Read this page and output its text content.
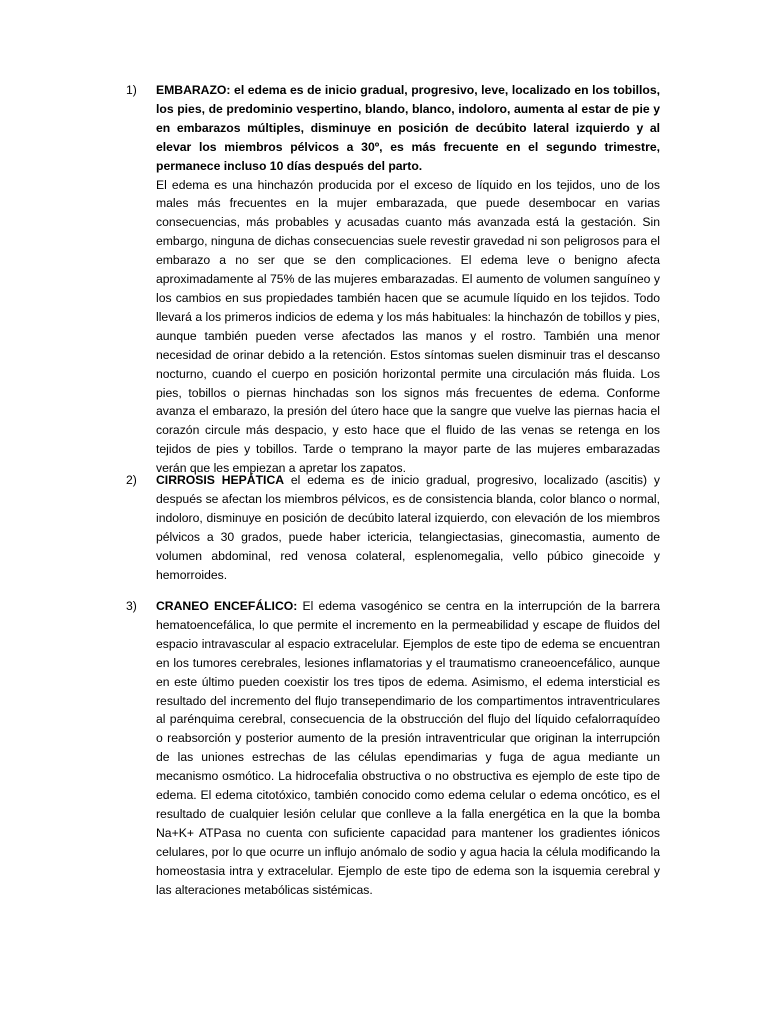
1)	EMBARAZO: el edema es de inicio gradual, progresivo, leve, localizado en los tobillos, los pies, de predominio vespertino, blando, blanco, indoloro, aumenta al estar de pie y en embarazos múltiples, disminuye en posición de decúbito lateral izquierdo y al elevar los miembros pélvicos a 30º, es más frecuente en el segundo trimestre, permanece incluso 10 días después del parto.

El edema es una hinchazón producida por el exceso de líquido en los tejidos, uno de los males más frecuentes en la mujer embarazada, que puede desembocar en varias consecuencias, más probables y acusadas cuanto más avanzada está la gestación. Sin embargo, ninguna de dichas consecuencias suele revestir gravedad ni son peligrosos para el embarazo a no ser que se den complicaciones. El edema leve o benigno afecta aproximadamente al 75% de las mujeres embarazadas. El aumento de volumen sanguíneo y los cambios en sus propiedades también hacen que se acumule líquido en los tejidos. Todo llevará a los primeros indicios de edema y los más habituales: la hinchazón de tobillos y pies, aunque también pueden verse afectados las manos y el rostro. También una menor necesidad de orinar debido a la retención. Estos síntomas suelen disminuir tras el descanso nocturno, cuando el cuerpo en posición horizontal permite una circulación más fluida. Los pies, tobillos o piernas hinchadas son los signos más frecuentes de edema. Conforme avanza el embarazo, la presión del útero hace que la sangre que vuelve las piernas hacia el corazón circule más despacio, y esto hace que el fluido de las venas se retenga en los tejidos de pies y tobillos. Tarde o temprano la mayor parte de las mujeres embarazadas verán que les empiezan a apretar los zapatos.

2)	CIRROSIS HEPÁTICA el edema es de inicio gradual, progresivo, localizado (ascitis) y después se afectan los miembros pélvicos, es de consistencia blanda, color blanco o normal, indoloro, disminuye en posición de decúbito lateral izquierdo, con elevación de los miembros pélvicos a 30 grados, puede haber ictericia, telangiectasias, ginecomastia, aumento de volumen abdominal, red venosa colateral, esplenomegalia, vello púbico ginecoide y hemorroides.

3)	CRANEO ENCEFÁLICO: El edema vasogénico se centra en la interrupción de la barrera hematoencefálica, lo que permite el incremento en la permeabilidad y escape de fluidos del espacio intravascular al espacio extracelular. Ejemplos de este tipo de edema se encuentran en los tumores cerebrales, lesiones inflamatorias y el traumatismo craneoencefálico, aunque en este último pueden coexistir los tres tipos de edema. Asimismo, el edema intersticial es resultado del incremento del flujo transependimario de los compartimentos intraventriculares al parénquima cerebral, consecuencia de la obstrucción del flujo del líquido cefalorraquídeo o reabsorción y posterior aumento de la presión intraventricular que originan la interrupción de las uniones estrechas de las células ependimarias y fuga de agua mediante un mecanismo osmótico. La hidrocefalia obstructiva o no obstructiva es ejemplo de este tipo de edema. El edema citotóxico, también conocido como edema celular o edema oncótico, es el resultado de cualquier lesión celular que conlleve a la falla energética en la que la bomba Na+K+ ATPasa no cuenta con suficiente capacidad para mantener los gradientes iónicos celulares, por lo que ocurre un influjo anómalo de sodio y agua hacia la célula modificando la homeostasia intra y extracelular. Ejemplo de este tipo de edema son la isquemia cerebral y las alteraciones metabólicas sistémicas.
